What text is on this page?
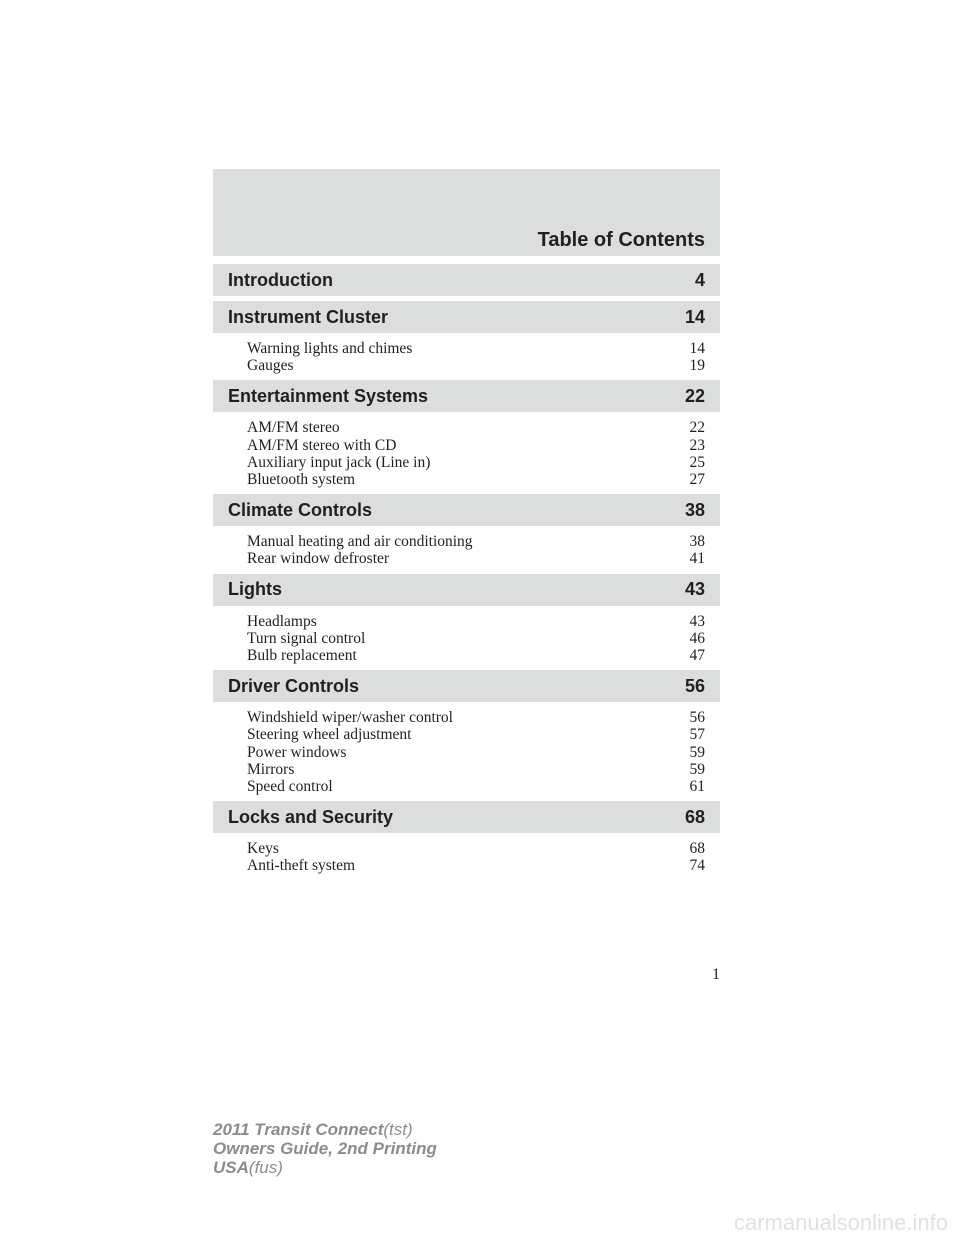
Table of Contents
Introduction	4
Instrument Cluster	14
Warning lights and chimes	14
Gauges	19
Entertainment Systems	22
AM/FM stereo	22
AM/FM stereo with CD	23
Auxiliary input jack (Line in)	25
Bluetooth system	27
Climate Controls	38
Manual heating and air conditioning	38
Rear window defroster	41
Lights	43
Headlamps	43
Turn signal control	46
Bulb replacement	47
Driver Controls	56
Windshield wiper/washer control	56
Steering wheel adjustment	57
Power windows	59
Mirrors	59
Speed control	61
Locks and Security	68
Keys	68
Anti-theft system	74
1
2011 Transit Connect(tst)
Owners Guide, 2nd Printing
USA(fus)
carmanualsonline.info
